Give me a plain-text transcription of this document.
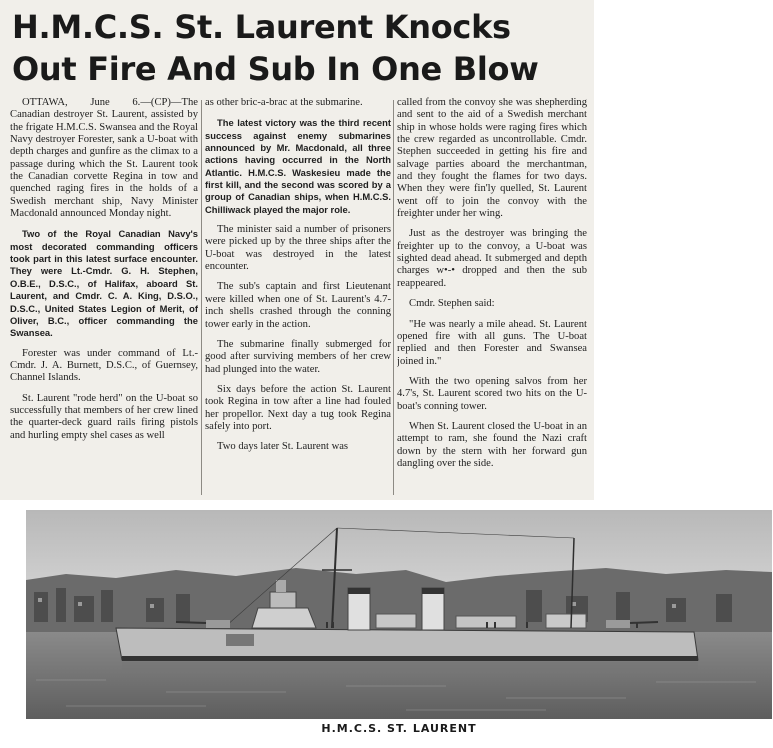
H.M.C.S. St. Laurent Knocks
Out Fire And Sub In One Blow

OTTAWA, June 6.—(CP)—The Canadian destroyer St. Laurent, assisted by the frigate H.M.C.S. Swansea and the Royal Navy destroyer Forester, sank a U-boat with depth charges and gunfire as the climax to a passage during which the St. Laurent took the Canadian corvette Regina in tow and quenched raging fires in the holds of a Swedish merchant ship, Navy Minister Macdonald announced Monday night.

Two of the Royal Canadian Navy's most decorated commanding officers took part in this latest surface encounter. They were Lt.-Cmdr. G. H. Stephen, O.B.E., D.S.C., of Halifax, aboard St. Laurent, and Cmdr. C. A. King, D.S.O., D.S.C., United States Legion of Merit, of Oliver, B.C., officer commanding the Swansea.

Forester was under command of Lt.-Cmdr. J. A. Burnett, D.S.C., of Guernsey, Channel Islands.

St. Laurent "rode herd" on the U-boat so successfully that members of her crew lined the quarter-deck guard rails firing pistols and hurling empty shel cases as well

as other bric-a-brac at the submarine.

The latest victory was the third recent success against enemy submarines announced by Mr. Macdonald, all three actions having occurred in the North Atlantic. H.M.C.S. Waskesieu made the first kill, and the second was scored by a group of Canadian ships, when H.M.C.S. Chilliwack played the major role.

The minister said a number of prisoners were picked up by the three ships after the U-boat was destroyed in the latest encounter.

The sub's captain and first Lieutenant were killed when one of St. Laurent's 4.7-inch shells crashed through the conning tower early in the action.

The submarine finally submerged for good after surviving members of her crew had plunged into the water.

Six days before the action St. Laurent took Regina in tow after a line had fouled her propellor. Next day a tug took Regina safely into port.

Two days later St. Laurent was

called from the convoy she was shepherding and sent to the aid of a Swedish merchant ship in whose holds were raging fires which the crew regarded as uncontrollable. Cmdr. Stephen succeeded in getting his fire and salvage parties aboard the merchantman, and they fought the flames for two days. When they were fin'ly quelled, St. Laurent went off to join the convoy with the freighter under her wing.

Just as the destroyer was bringing the freighter up to the convoy, a U-boat was sighted dead ahead. It submerged and depth charges w•-• dropped and then the sub reappeared.

Cmdr. Stephen said:

"He was nearly a mile ahead. St. Laurent opened fire with all guns. The U-boat replied and then Forester and Swansea joined in."

With the two opening salvos from her 4.7's, St. Laurent scored two hits on the U-boat's conning tower.

When St. Laurent closed the U-boat in an attempt to ram, she found the Nazi craft down by the stern with her forward gun dangling over the side.

H.M.C.S. ST. LAURENT
